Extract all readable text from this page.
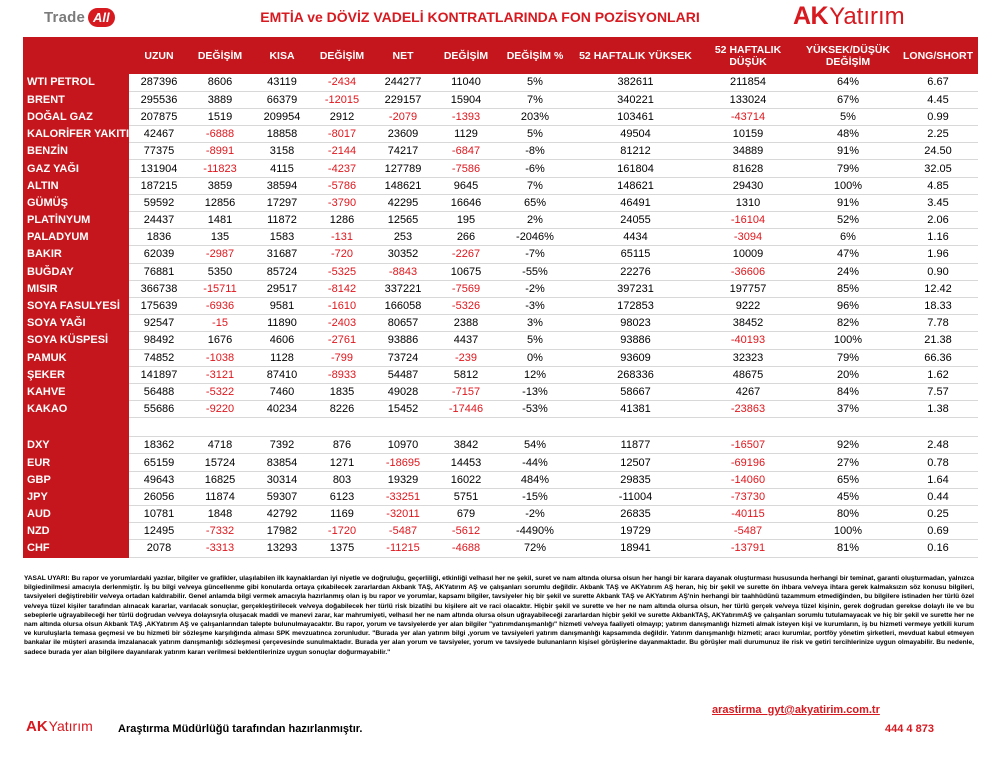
Trade All	EMTİA ve DÖVİZ VADELİ KONTRATLARINDA FON POZİSYONLARI	AK Yatırım
	UZUN	DEĞİŞİM	KISA	DEĞİŞİM	NET	DEĞİŞİM	DEĞİŞİM %	52 HAFTALIK YÜKSEK	52 HAFTALIK DÜŞÜK	YÜKSEK/DÜŞÜK DEĞİŞİM	LONG/SHORT
WTI PETROL	287396	8606	43119	-2434	244277	11040	5%	382611	211854	64%	6.67
BRENT	295536	3889	66379	-12015	229157	15904	7%	340221	133024	67%	4.45
DOĞAL GAZ	207875	1519	209954	2912	-2079	-1393	203%	103461	-43714	5%	0.99
KALORİFER YAKITI	42467	-6888	18858	-8017	23609	1129	5%	49504	10159	48%	2.25
BENZİN	77375	-8991	3158	-2144	74217	-6847	-8%	81212	34889	91%	24.50
GAZ YAĞI	131904	-11823	4115	-4237	127789	-7586	-6%	161804	81628	79%	32.05
ALTIN	187215	3859	38594	-5786	148621	9645	7%	148621	29430	100%	4.85
GÜMÜŞ	59592	12856	17297	-3790	42295	16646	65%	46491	1310	91%	3.45
PLATİNYUM	24437	1481	11872	1286	12565	195	2%	24055	-16104	52%	2.06
PALADYUM	1836	135	1583	-131	253	266	-2046%	4434	-3094	6%	1.16
BAKIR	62039	-2987	31687	-720	30352	-2267	-7%	65115	10009	47%	1.96
BUĞDAY	76881	5350	85724	-5325	-8843	10675	-55%	22276	-36606	24%	0.90
MISIR	366738	-15711	29517	-8142	337221	-7569	-2%	397231	197757	85%	12.42
SOYA FASULYESİ	175639	-6936	9581	-1610	166058	-5326	-3%	172853	9222	96%	18.33
SOYA YAĞI	92547	-15	11890	-2403	80657	2388	3%	98023	38452	82%	7.78
SOYA KÜSPESİ	98492	1676	4606	-2761	93886	4437	5%	93886	-40193	100%	21.38
PAMUK	74852	-1038	1128	-799	73724	-239	0%	93609	32323	79%	66.36
ŞEKER	141897	-3121	87410	-8933	54487	5812	12%	268336	48675	20%	1.62
KAHVE	56488	-5322	7460	1835	49028	-7157	-13%	58667	4267	84%	7.57
KAKAO	55686	-9220	40234	8226	15452	-17446	-53%	41381	-23863	37%	1.38

DXY	18362	4718	7392	876	10970	3842	54%	11877	-16507	92%	2.48
EUR	65159	15724	83854	1271	-18695	14453	-44%	12507	-69196	27%	0.78
GBP	49643	16825	30314	803	19329	16022	484%	29835	-14060	65%	1.64
JPY	26056	11874	59307	6123	-33251	5751	-15%	-11004	-73730	45%	0.44
AUD	10781	1848	42792	1169	-32011	679	-2%	26835	-40115	80%	0.25
NZD	12495	-7332	17982	-1720	-5487	-5612	-4490%	19729	-5487	100%	0.69
CHF	2078	-3313	13293	1375	-11215	-4688	72%	18941	-13791	81%	0.16
YASAL UYARI: Bu rapor ve yorumlardaki yazılar, bilgiler ve grafikler, ulaşılabilen ilk kaynaklardan iyi niyetle ve doğruluğu, geçerliliği, etkinliği velhasıl her ne şekil, suret ve nam altında olursa olsun her hangi bir karara dayanak oluşturması hususunda herhangi bir teminat, garanti oluşturmadan, yalnızca bilgiedinilmesi amacıyla derlenmiştir. İş bu bilgi ve/veya güncellenme gibi konularda ortaya çıkabilecek zararlardan Akbank TAŞ, AKYatırım AŞ ve çalışanları sorumlu değildir. Akbank TAŞ ve AKYatırım AŞ heran, hiç bir şekil ve surette ön ihbara ve/veya ihtara gerek kalmaksızın söz konusu bilgileri, tavsiyeleri değiştirebilir ve/veya ortadan kaldırabilir. Genel anlamda bilgi vermek amacıyla hazırlanmış olan iş bu rapor ve yorumlar, kapsamı bilgiler, tavsiyeler hiç bir şekil ve surette Akbank TAŞ ve AKYatırım AŞ'nin herhangi bir taahhüdünü tazammum etmediğinden, bu bilgilere istinaden her türlü özel ve/veya tüzel kişiler tarafından alınacak kararlar, varılacak sonuçlar, gerçekleştirilecek ve/veya doğabilecek her türlü risk bizatihi bu kişilere ait ve raci olacaktır. Hiçbir şekil ve surette ve her ne nam altında olursa olsun, her türlü gerçek ve/veya tüzel kişinin, gerek doğrudan gerekse dolaylı ile ve bu sebeplerle uğrayabileceği her türlü doğrudan ve/veya dolayısıyla oluşacak maddi ve manevi zarar, kar mahrumiyeti, velhasıl her ne nam altında olursa olsun uğrayabileceği zararlardan hiçbir şekil ve surette AkbankTAŞ, AKYatırımAŞ ve çalışanları sorumlu tutulamayacak ve hiç bir şekil ve surette her ne nam altında olursa olsun Akbank TAŞ ,AKYatırım AŞ ve çalışanlarından talepte bulunulmayacaktır. Bu rapor, yorum ve tavsiyelerde yer alan bilgiler "yatırımdanışmanlığı" hizmeti ve/veya faaliyeti olmayıp; yatırım danışmanlığı hizmeti almak isteyen kişi ve kurumların, iş bu hizmeti vermeye yetkili kurum ve kuruluşlarla temasa geçmesi ve bu hizmeti bir sözleşme karşılığında alması SPK mevzuatınca zorunludur. "Burada yer alan yatırım bilgi ,yorum ve tavsiyeleri yatırım danışmanlığı kapsamında değildir. Yatırım danışmanlığı hizmeti; aracı kurumlar, portföy yönetim şirketleri, mevduat kabul etmeyen bankalar ile müşteri arasında imzalanacak yatırım danışmanlığı sözleşmesi çerçevesinde sunulmaktadır. Burada yer alan yorum ve tavsiyeler, yorum ve tavsiyede bulunanların kişisel görüşlerine dayanmaktadır. Bu görüşler mali durumunuz ile risk ve getiri tercihlerinize uygun olmayabilir. Bu nedenle, sadece burada yer alan bilgilere dayanılarak yatırım kararı verilmesi beklentilerinize uygun sonuçlar doğurmayabilir."
arastirma_gyt@akyatirim.com.tr
AK Yatırım Araştırma Müdürlüğü tarafından hazırlanmıştır.	444 4 873
